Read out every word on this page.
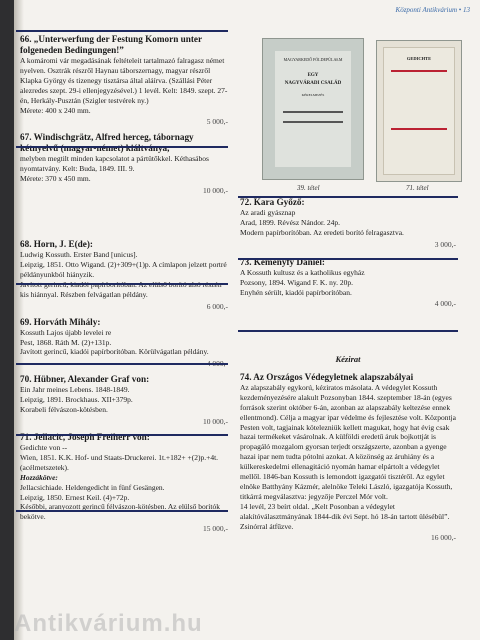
Központi Antikvárium • 13
66. „Unterwerfung der Festung Komorn unter folgeneden Bedingungen!”
A komáromi vár megadásának feltételeit tartalmazó falragasz német nyelven. Osztrák részről Haynau táborszernagy, magyar részről Klapka György és tizenegy tisztársa által aláírva. (Szállási Péter alezredes szept. 29-i ellenjegyzésével.) 1 levél. Kelt: 1849. szept. 27-én, Herkály-Pusztán (Szigler testvérek ny.)
Mérete: 400 x 240 mm.
5 000,-
67. Windischgrätz, Alfred herceg, tábornagy kétnyelvű (magyar-német) kiáltványa,
melyben megtilt minden kapcsolatot a pártütőkkel. Kéthasábos nyomtatvány. Kelt: Buda, 1849. III. 9.
Mérete: 370 x 450 mm.
10 000,-
68. Horn, J. E(de):
Ludwig Kossuth. Erster Band [unicus].
Leipzig, 1851. Otto Wigand. (2)+309+(1)p. A címlapon jelzett portré példányunkból hiányzik.
Javított gerincű, kiadói papírborítóban. Az elülső borító alsó részén kis hiánnyal. Részben felvágatlan példány.
6 000,-
69. Horváth Mihály:
Kossuth Lajos újabb levelei re
Pest, 1868. Ráth M. (2)+131p.
Javított gerincű, kiadói papírborítóban. Körülvágatlan példány.
4 000,-
70. Hübner, Alexander Graf von:
Ein Jahr meines Lebens. 1848-1849.
Leipzig, 1891. Brockhaus. XII+379p.
Korabeli félvászon-kötésben.
10 000,-
71. Jellacic, Joseph Freiherr von:
Gedichte von --
Wien, 1851. K.K. Hof- und Staats-Druckerei. 1t.+182+ +(2)p.+4t. (acélmetszetek).
Hozzákötve:
Jellacsichiade. Heldengedicht in fünf Gesängen.
Leipzig, 1850. Ernest Keil. (4)+72p.
Későbbi, aranyozott gerincű félvászon-kötésben. Az elülső borítók bekötve.
15 000,-
MAGYARKEDŐ FÖLDEPÜLAŁM
EGY
NAGYVÁRADI CSALÁD
KÉRELMEZÉS
GEDICHTE
39. tétel	71. tétel
72. Kara Győző:
Az aradi gyásznap
Arad, 1899. Révész Nándor. 24p.
Modern papírborítóban. Az eredeti borító felragasztva.
3 000,-
73. Keményfy Dániel:
A Kossuth kultusz és a katholikus egyház
Pozsony, 1894. Wigand F. K. ny. 20p.
Enyhén sérült, kiadói papírborítóban.
4 000,-
Kézirat
74. Az Országos Védegyletnek alapszabályai
Az alapszabály egykorú, kéziratos másolata. A védegylet Kossuth kezdeményezésére alakult Pozsonyban 1844. szeptember 18-án (egyes források szerint október 6-án, azonban az alapszabály keltezése ennek ellentmond). Célja a magyar ipar védelme és fejlesztése volt. Központja Pesten volt, tagjainak kötelezniük kellett magukat, hogy hat évig csak hazai termékeket vásárolnak. A külföldi eredetű áruk bojkottját is propagáló mozgalom gyorsan terjedt országszerte, azonban a gyenge hazai ipar nem tudta pótolni azokat. A közönség az áruhiány és a külkereskedelmi ellenagitáció nyomán hamar elpártolt a védegylet mellől. 1846-ban Kossuth is lemondott igazgatói tisztéről. Az egylet elnöke Batthyány Kázmér, alelnöke Teleki László, igazgatója Kossuth, titkárrá megválasztva: jegyzője Perczel Mór volt.
14 levél, 23 beírt oldal. „Kelt Posonban a védegylet alakítóválasztmányának 1844-dik évi Sept. hó 18-án tartott ülésébül”.
Zsinórral átfűzve.
16 000,-
Antikvárium.hu
